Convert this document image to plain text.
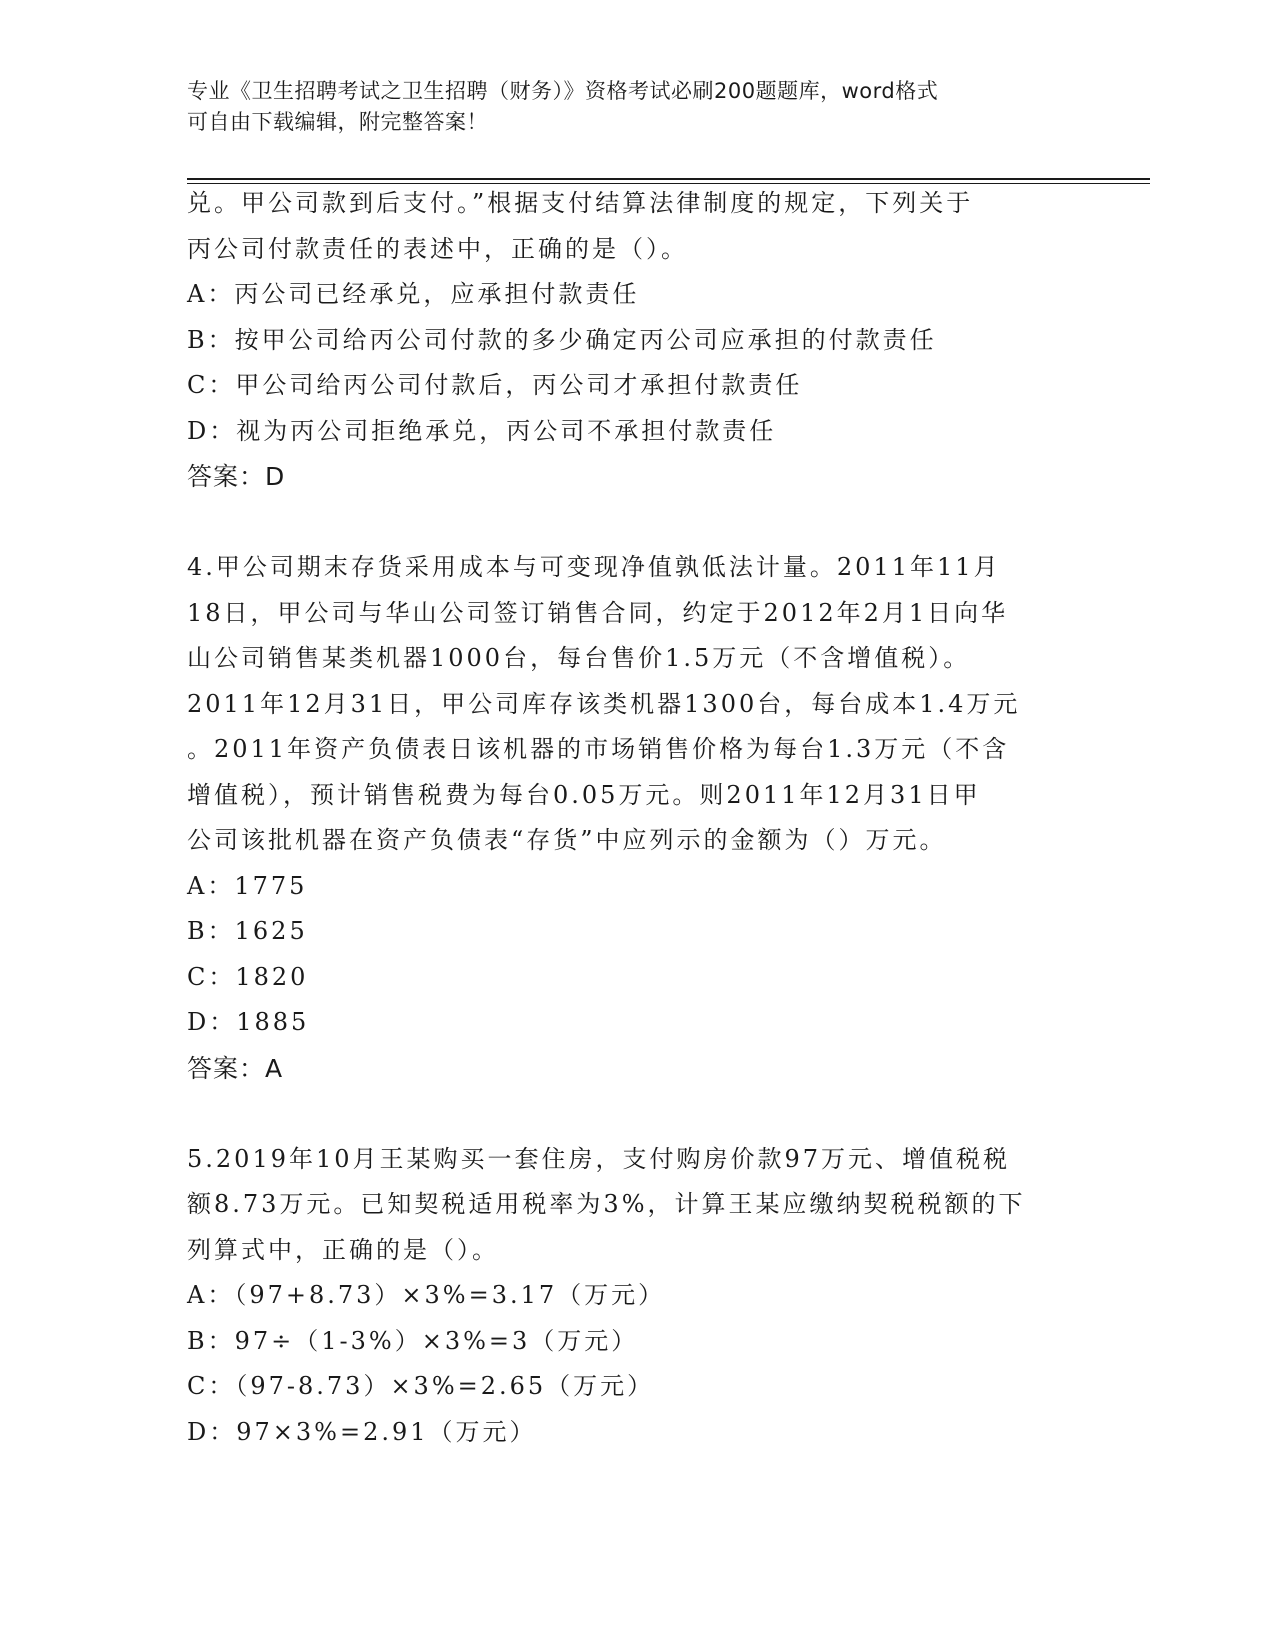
专业《卫生招聘考试之卫生招聘（财务）》资格考试必刷200题题库，word格式
可自由下载编辑，附完整答案！
兑。甲公司款到后支付。”根据支付结算法律制度的规定，下列关于
丙公司付款责任的表述中，正确的是（）。
A：丙公司已经承兑，应承担付款责任
B：按甲公司给丙公司付款的多少确定丙公司应承担的付款责任
C：甲公司给丙公司付款后，丙公司才承担付款责任
D：视为丙公司拒绝承兑，丙公司不承担付款责任
答案：D
4.甲公司期末存货采用成本与可变现净值孰低法计量。2011年11月
18日，甲公司与华山公司签订销售合同，约定于2012年2月1日向华
山公司销售某类机器1000台，每台售价1.5万元（不含增值税）。
2011年12月31日，甲公司库存该类机器1300台，每台成本1.4万元
。2011年资产负债表日该机器的市场销售价格为每台1.3万元（不含
增值税），预计销售税费为每台0.05万元。则2011年12月31日甲
公司该批机器在资产负债表“存货”中应列示的金额为（）万元。
A：1775
B：1625
C：1820
D：1885
答案：A
5.2019年10月王某购买一套住房，支付购房价款97万元、增值税税
额8.73万元。已知契税适用税率为3%，计算王某应缴纳契税税额的下
列算式中，正确的是（）。
A：（97+8.73）×3%=3.17（万元）
B：97÷（1-3%）×3%=3（万元）
C：（97-8.73）×3%=2.65（万元）
D：97×3%=2.91（万元）
